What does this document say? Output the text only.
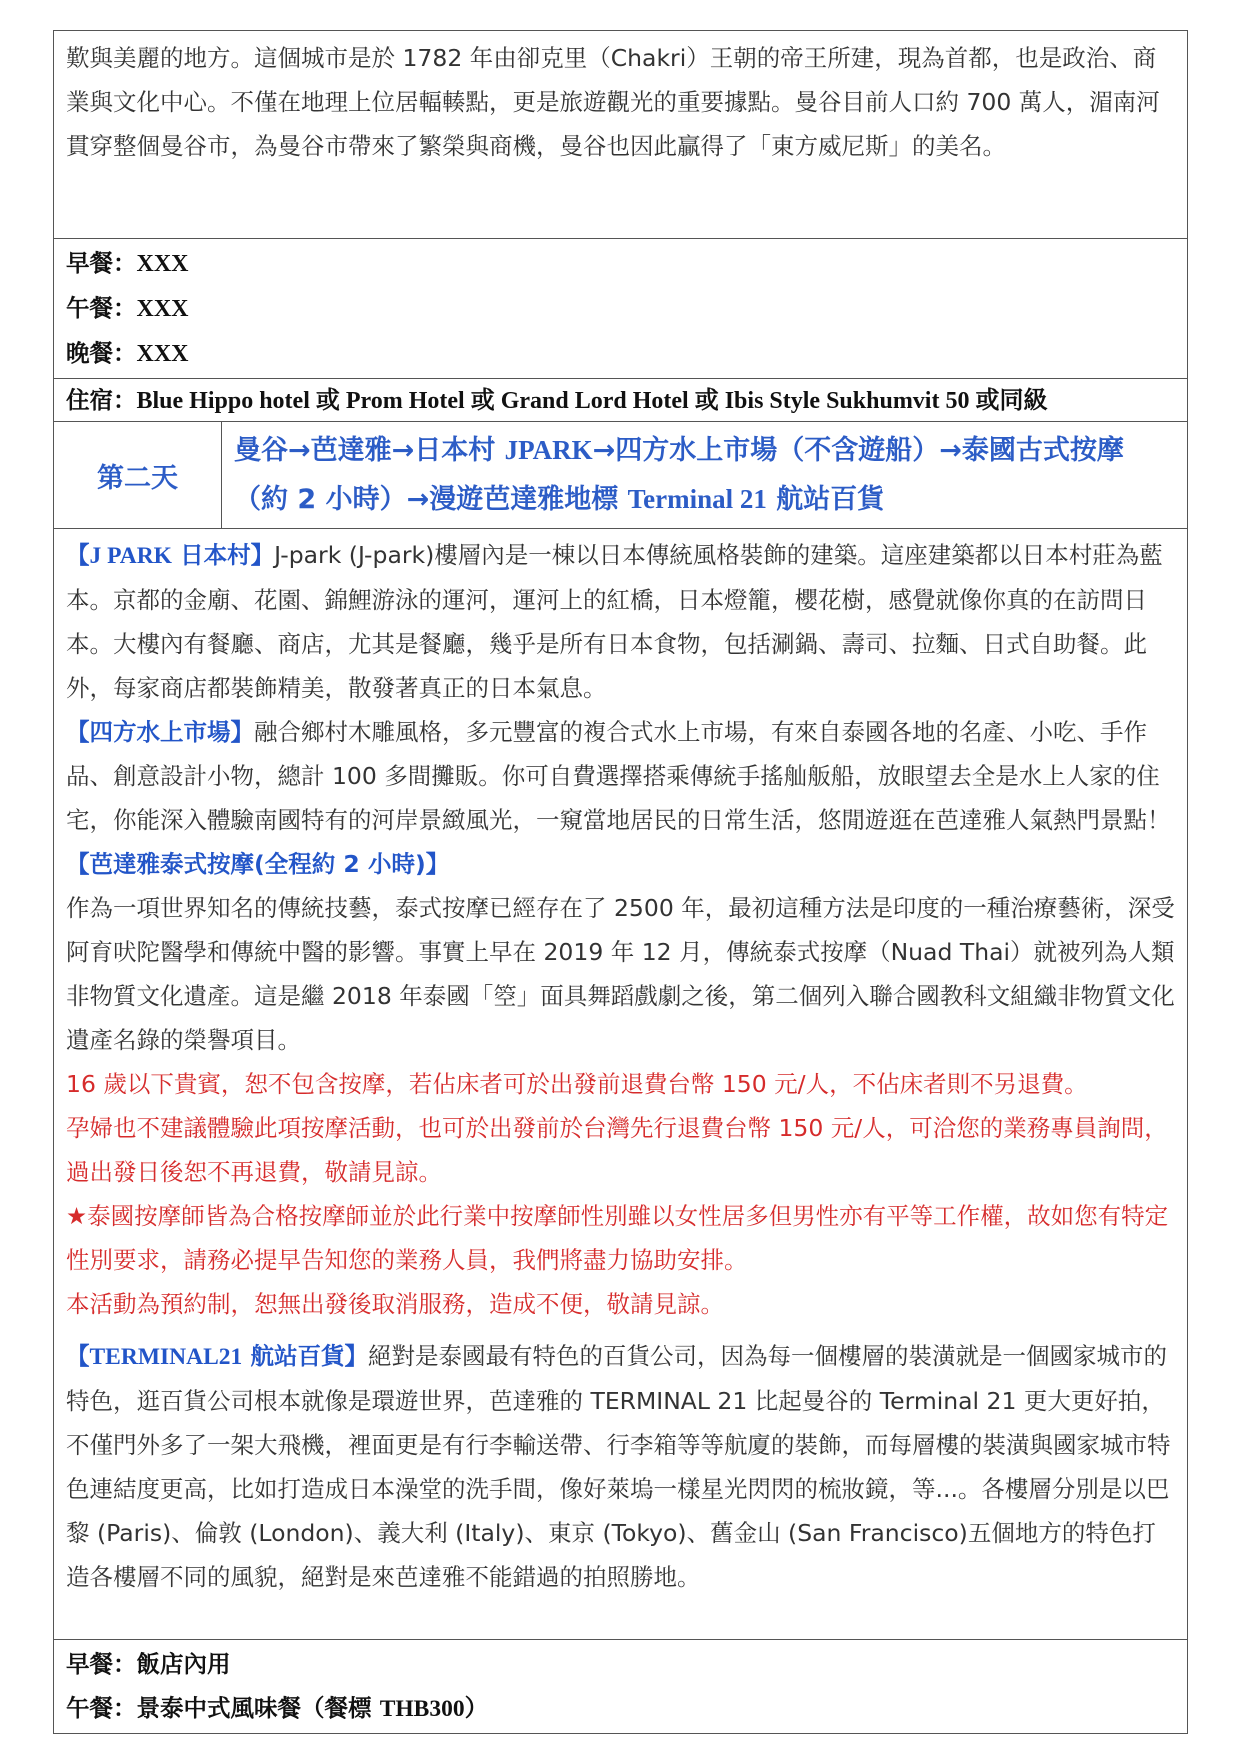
歎與美麗的地方。這個城市是於 1782 年由卻克里（Chakri）王朝的帝王所建，現為首都，也是政治、商業與文化中心。不僅在地理上位居輻輳點，更是旅遊觀光的重要據點。曼谷目前人口約 700 萬人，湄南河貫穿整個曼谷市，為曼谷市帶來了繁榮與商機，曼谷也因此贏得了「東方威尼斯」的美名。

早餐：XXX

午餐：XXX

晚餐：XXX

住宿：Blue Hippo hotel 或 Prom Hotel 或 Grand Lord Hotel 或 Ibis Style Sukhumvit 50 或同級

第二天	

曼谷→芭達雅→日本村 JPARK→四方水上市場（不含遊船）→泰國古式按摩（約 2 小時）→漫遊芭達雅地標 Terminal 21 航站百貨

【J PARK 日本村】J-park (J-park)樓層內是一棟以日本傳統風格裝飾的建築。這座建築都以日本村莊為藍本。京都的金廟、花園、錦鯉游泳的運河，運河上的紅橋，日本燈籠，櫻花樹，感覺就像你真的在訪問日本。大樓內有餐廳、商店，尤其是餐廳，幾乎是所有日本食物，包括涮鍋、壽司、拉麵、日式自助餐。此外，每家商店都裝飾精美，散發著真正的日本氣息。

【四方水上市場】融合鄉村木雕風格，多元豐富的複合式水上市場，有來自泰國各地的名產、小吃、手作品、創意設計小物，總計 100 多間攤販。你可自費選擇搭乘傳統手搖舢舨船，放眼望去全是水上人家的住宅，你能深入體驗南國特有的河岸景緻風光，一窺當地居民的日常生活，悠閒遊逛在芭達雅人氣熱門景點！

【芭達雅泰式按摩(全程約 2 小時)】

作為一項世界知名的傳統技藝，泰式按摩已經存在了 2500 年，最初這種方法是印度的一種治療藝術，深受阿育吠陀醫學和傳統中醫的影響。事實上早在 2019 年 12 月，傳統泰式按摩（Nuad Thai）就被列為人類非物質文化遺產。這是繼 2018 年泰國「箜」面具舞蹈戲劇之後，第二個列入聯合國教科文組織非物質文化遺產名錄的榮譽項目。

16 歲以下貴賓，恕不包含按摩，若佔床者可於出發前退費台幣 150 元/人，不佔床者則不另退費。

孕婦也不建議體驗此項按摩活動，也可於出發前於台灣先行退費台幣 150 元/人，可洽您的業務專員詢問，過出發日後恕不再退費，敬請見諒。

★泰國按摩師皆為合格按摩師並於此行業中按摩師性別雖以女性居多但男性亦有平等工作權，故如您有特定性別要求，請務必提早告知您的業務人員，我們將盡力協助安排。

本活動為預約制，恕無出發後取消服務，造成不便，敬請見諒。

【TERMINAL21 航站百貨】絕對是泰國最有特色的百貨公司，因為每一個樓層的裝潢就是一個國家城市的特色，逛百貨公司根本就像是環遊世界，芭達雅的 TERMINAL 21 比起曼谷的 Terminal 21 更大更好拍，不僅門外多了一架大飛機，裡面更是有行李輸送帶、行李箱等等航廈的裝飾，而每層樓的裝潢與國家城市特色連結度更高，比如打造成日本澡堂的洗手間，像好萊塢一樣星光閃閃的梳妝鏡，等...。各樓層分別是以巴黎 (Paris)、倫敦 (London)、義大利 (Italy)、東京 (Tokyo)、舊金山 (San Francisco)五個地方的特色打造各樓層不同的風貌，絕對是來芭達雅不能錯過的拍照勝地。

早餐：飯店內用

午餐：景泰中式風味餐（餐標 THB300）
